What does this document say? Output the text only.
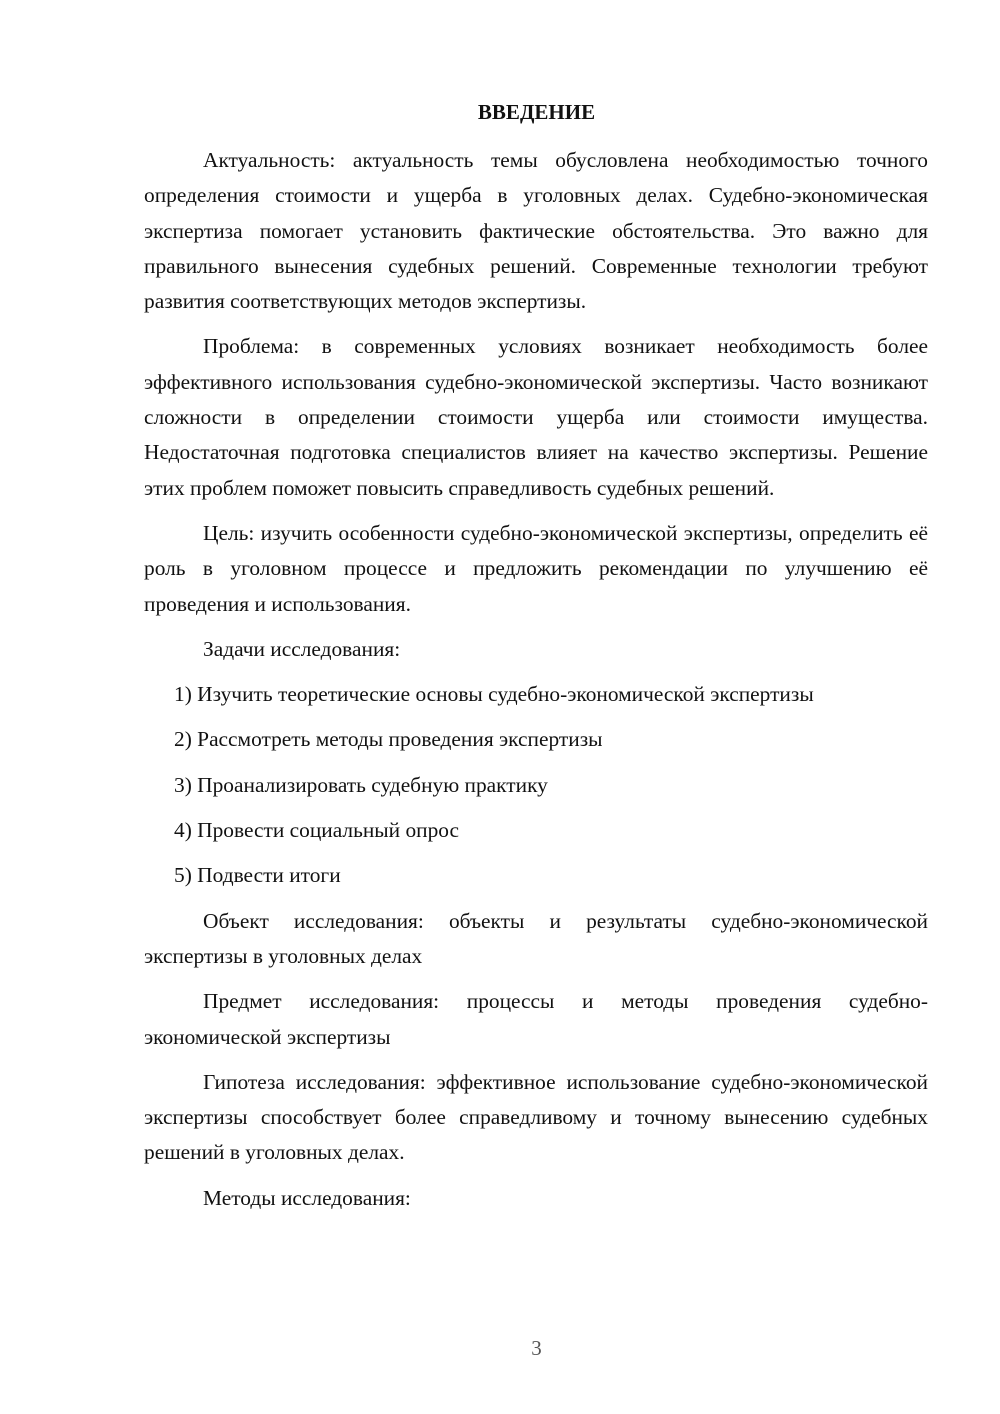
ВВЕДЕНИЕ

Актуальность: актуальность темы обусловлена необходимостью точного определения стоимости и ущерба в уголовных делах. Судебно-экономическая экспертиза помогает установить фактические обстоятельства. Это важно для правильного вынесения судебных решений. Современные технологии требуют развития соответствующих методов экспертизы.

Проблема: в современных условиях возникает необходимость более эффективного использования судебно-экономической экспертизы. Часто возникают сложности в определении стоимости ущерба или стоимости имущества. Недостаточная подготовка специалистов влияет на качество экспертизы. Решение этих проблем поможет повысить справедливость судебных решений.

Цель: изучить особенности судебно-экономической экспертизы, определить её роль в уголовном процессе и предложить рекомендации по улучшению её проведения и использования.

Задачи исследования:

1) Изучить теоретические основы судебно-экономической экспертизы
2) Рассмотреть методы проведения экспертизы
3) Проанализировать судебную практику
4) Провести социальный опрос
5) Подвести итоги

Объект исследования: объекты и результаты судебно-экономической экспертизы в уголовных делах

Предмет исследования: процессы и методы проведения судебно-экономической экспертизы

Гипотеза исследования: эффективное использование судебно-экономической экспертизы способствует более справедливому и точному вынесению судебных решений в уголовных делах.

Методы исследования:

3
